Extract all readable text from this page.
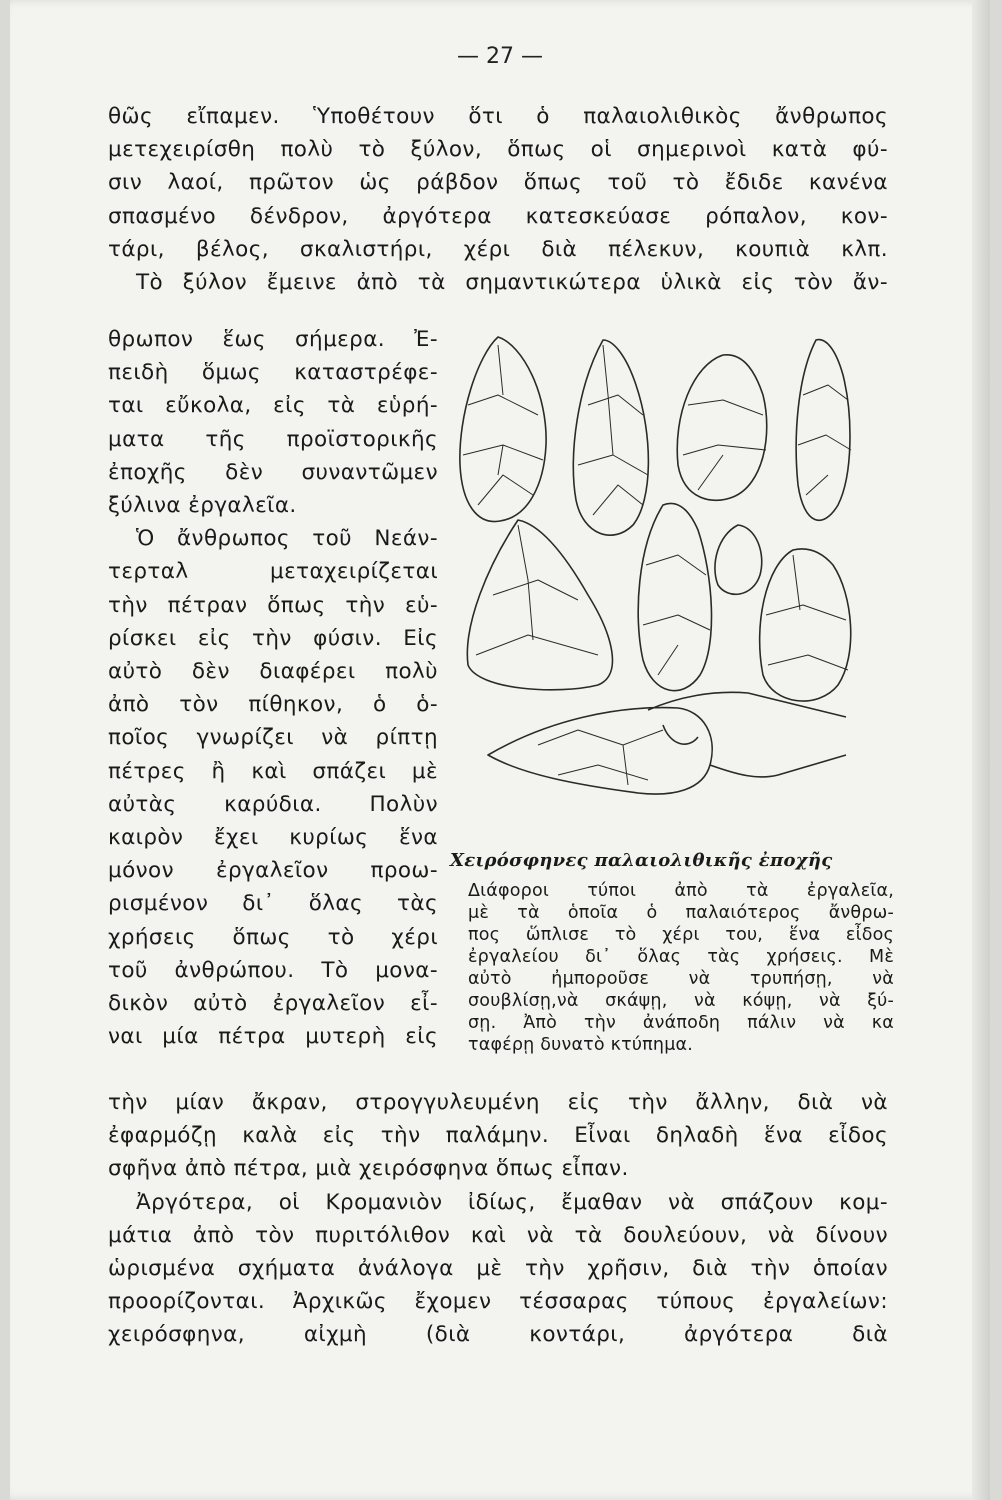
— 27 —
θῶς εἴπαμεν. Ὑποθέτουν ὅτι ὁ παλαιολιθικὸς ἄνθρωπος
μετεχειρίσθη πολὺ τὸ ξύλον, ὅπως οἱ σημερινοὶ κατὰ φύ-
σιν λαοί, πρῶτον ὡς ράβδον ὅπως τοῦ τὸ ἔδιδε κανένα
σπασμένο δένδρον, ἀργότερα κατεσκεύασε ρόπαλον, κον-
τάρι, βέλος, σκαλιστήρι, χέρι διὰ πέλεκυν, κουπιὰ κλπ.
Τὸ ξύλον ἔμεινε ἀπὸ τὰ σημαντικώτερα ὑλικὰ εἰς τὸν ἄν-
θρωπον ἕως σήμερα. Ἐ-
πειδὴ ὅμως καταστρέφε-
ται εὔκολα, εἰς τὰ εὑρή-
ματα τῆς προϊστορικῆς
ἐποχῆς δὲν συναντῶμεν
ξύλινα ἐργαλεῖα.
Ὁ ἄνθρωπος τοῦ Νεάν-
τερταλ μεταχειρίζεται
τὴν πέτραν ὅπως τὴν εὑ-
ρίσκει εἰς τὴν φύσιν. Εἰς
αὐτὸ δὲν διαφέρει πολὺ
ἀπὸ τὸν πίθηκον, ὁ ὁ-
ποῖος γνωρίζει νὰ ρίπτῃ
πέτρες ἢ καὶ σπάζει μὲ
αὐτὰς καρύδια. Πολὺν
καιρὸν ἔχει κυρίως ἕνα
μόνον ἐργαλεῖον προω-
ρισμένον δι᾿ ὅλας τὰς
χρήσεις ὅπως τὸ χέρι
τοῦ ἀνθρώπου. Τὸ μονα-
δικὸν αὐτὸ ἐργαλεῖον εἶ-
ναι μία πέτρα μυτερὴ εἰς
Χειρόσφηνες παλαιολιθικῆς ἐποχῆς
Διάφοροι τύποι ἀπὸ τὰ ἐργαλεῖα,
μὲ τὰ ὁποῖα ὁ παλαιότερος ἄνθρω-
πος ὥπλισε τὸ χέρι του, ἕνα εἶδος
ἐργαλείου δι᾿ ὅλας τὰς χρήσεις. Μὲ
αὐτὸ ἠμποροῦσε νὰ τρυπήσῃ, νὰ
σουβλίσῃ,νὰ σκάψῃ, νὰ κόψῃ, νὰ ξύ-
σῃ. Ἀπὸ τὴν ἀνάποδη πάλιν νὰ κα
ταφέρῃ δυνατὸ κτύπημα.
τὴν μίαν ἄκραν, στρογγυλευμένη εἰς τὴν ἄλλην, διὰ νὰ
ἐφαρμόζῃ καλὰ εἰς τὴν παλάμην. Εἶναι δηλαδὴ ἕνα εἶδος
σφῆνα ἀπὸ πέτρα, μιὰ χειρόσφηνα ὅπως εἶπαν.
Ἀργότερα, οἱ Κρομανιὸν ἰδίως, ἔμαθαν νὰ σπάζουν κομ-
μάτια ἀπὸ τὸν πυριτόλιθον καὶ νὰ τὰ δουλεύουν, νὰ δίνουν
ὡρισμένα σχήματα ἀνάλογα μὲ τὴν χρῆσιν, διὰ τὴν ὁποίαν
προορίζονται. Ἀρχικῶς ἔχομεν τέσσαρας τύπους ἐργαλείων:
χειρόσφηνα, αἰχμὴ (διὰ κοντάρι, ἀργότερα διὰ
